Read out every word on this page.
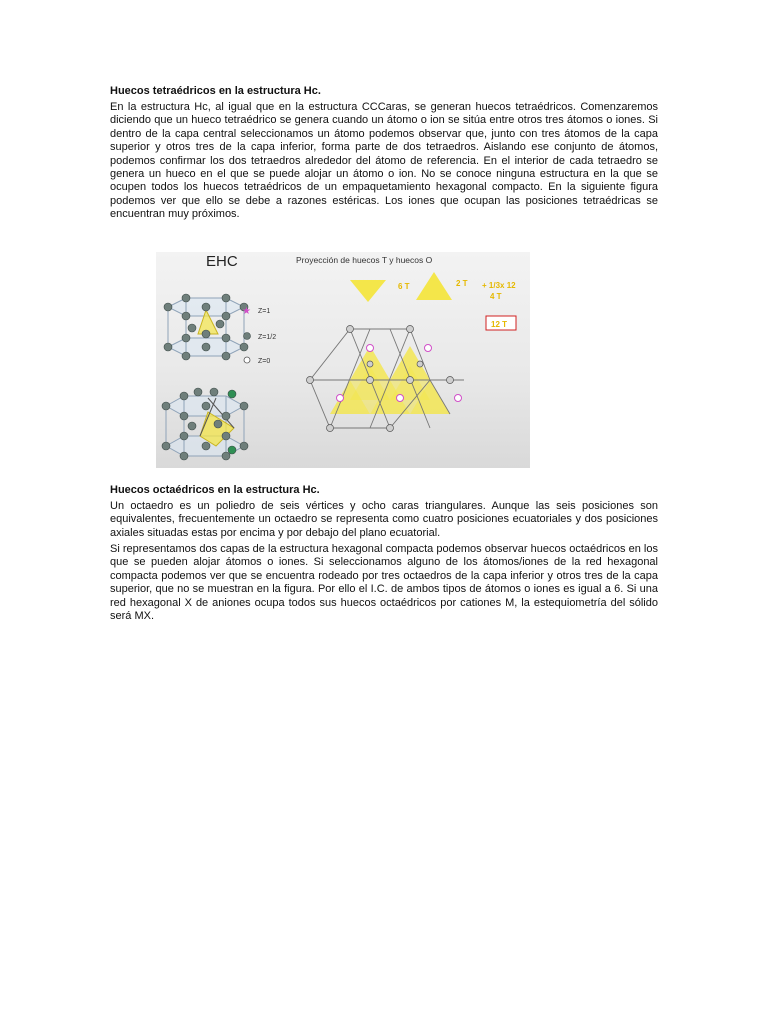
Huecos tetraédricos en la estructura Hc.

En la estructura Hc, al igual que en la estructura CCCaras, se generan huecos tetraédricos. Comenzaremos diciendo que un hueco tetraédrico se genera cuando un átomo o ion se sitúa entre otros tres átomos o iones. Si dentro de la capa central seleccionamos un átomo podemos observar que, junto con tres átomos de la capa superior y otros tres de la capa inferior, forma parte de dos tetraedros. Aislando ese conjunto de átomos, podemos confirmar los dos tetraedros alrededor del átomo de referencia. En el interior de cada tetraedro se genera un hueco en el que se puede alojar un átomo o ion. No se conoce ninguna estructura en la que se ocupen todos los huecos tetraédricos de un empaquetamiento hexagonal compacto. En la siguiente figura podemos ver que ello se debe a razones estéricas. Los iones que ocupan las posiciones tetraédricas se encuentran muy próximos.

EHC	Proyección de huecos T y huecos O
★ Z=1
Z=1/2
Z=0
6 T	2 T + 1/3x 12
4 T
12 T
Huecos octaédricos en la estructura Hc.

Un octaedro es un poliedro de seis vértices y ocho caras triangulares. Aunque las seis posiciones son equivalentes, frecuentemente un octaedro se representa como cuatro posiciones ecuatoriales y dos posiciones axiales situadas estas por encima y por debajo del plano ecuatorial.

Si representamos dos capas de la estructura hexagonal compacta podemos observar huecos octaédricos en los que se pueden alojar átomos o iones. Si seleccionamos alguno de los átomos/iones de la red hexagonal compacta podemos ver que se encuentra rodeado por tres octaedros de la capa inferior y otros tres de la capa superior, que no se muestran en la figura. Por ello el I.C. de ambos tipos de átomos o iones es igual a 6. Si una red hexagonal X de aniones ocupa todos sus huecos octaédricos por cationes M, la estequiometría del sólido será MX.
